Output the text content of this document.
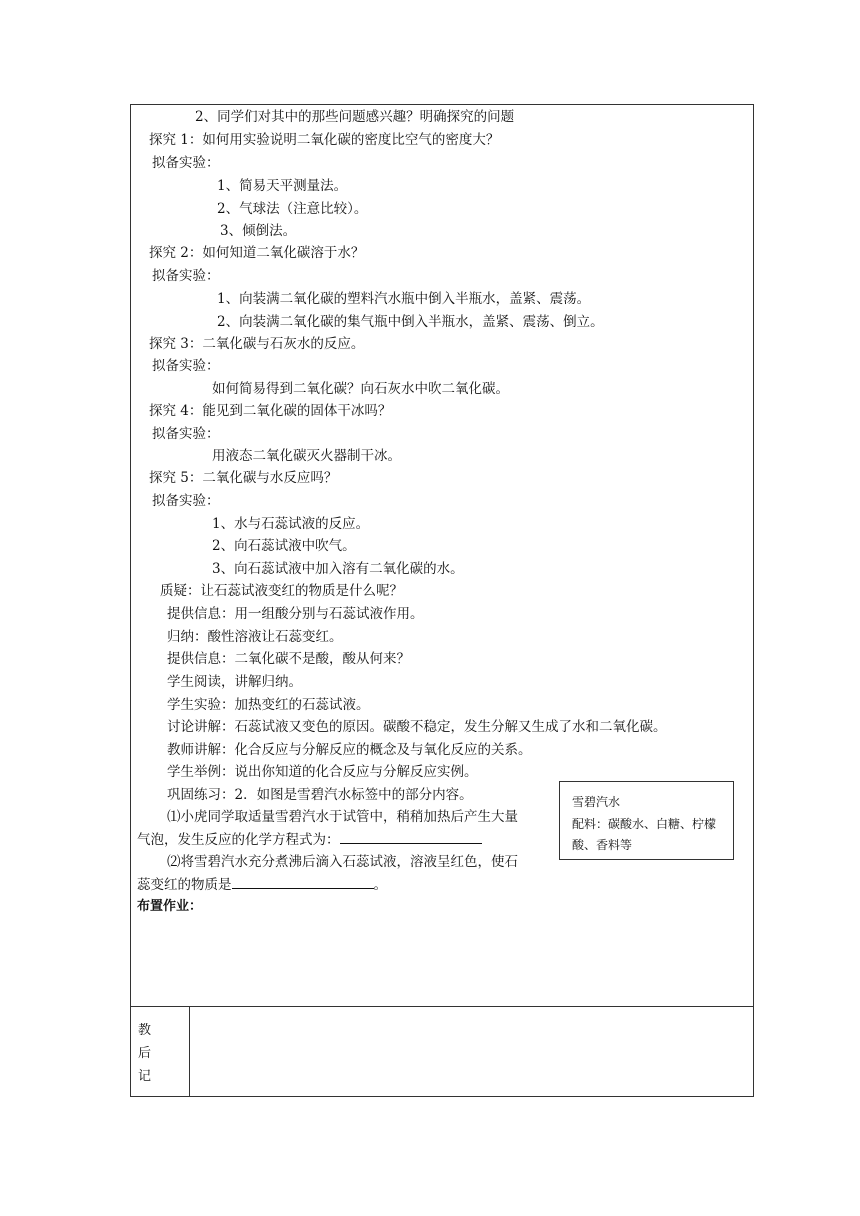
2、同学们对其中的那些问题感兴趣？明确探究的问题
探究 1：如何用实验说明二氧化碳的密度比空气的密度大？
拟备实验：
1、简易天平测量法。
2、气球法（注意比较）。
3、倾倒法。
探究 2：如何知道二氧化碳溶于水？
拟备实验：
1、向装满二氧化碳的塑料汽水瓶中倒入半瓶水，盖紧、震荡。
2、向装满二氧化碳的集气瓶中倒入半瓶水，盖紧、震荡、倒立。
探究 3：二氧化碳与石灰水的反应。
拟备实验：
如何简易得到二氧化碳？向石灰水中吹二氧化碳。
探究 4：能见到二氧化碳的固体干冰吗？
拟备实验：
用液态二氧化碳灭火器制干冰。
探究 5：二氧化碳与水反应吗？
拟备实验：
1、水与石蕊试液的反应。
2、向石蕊试液中吹气。
3、向石蕊试液中加入溶有二氧化碳的水。
质疑：让石蕊试液变红的物质是什么呢？
提供信息：用一组酸分别与石蕊试液作用。
归纳：酸性溶液让石蕊变红。
提供信息：二氧化碳不是酸，酸从何来？
学生阅读，讲解归纳。
学生实验：加热变红的石蕊试液。
讨论讲解：石蕊试液又变色的原因。碳酸不稳定，发生分解又生成了水和二氧化碳。
教师讲解：化合反应与分解反应的概念及与氧化反应的关系。
学生举例：说出你知道的化合反应与分解反应实例。
巩固练习：2．如图是雪碧汽水标签中的部分内容。
⑴小虎同学取适量雪碧汽水于试管中，稍稍加热后产生大量
气泡，发生反应的化学方程式为：
⑵将雪碧汽水充分煮沸后滴入石蕊试液，溶液呈红色，使石
蕊变红的物质是	。
布置作业：
雪碧汽水
配料：碳酸水、白糖、柠檬
酸、香料等
教
后
记
